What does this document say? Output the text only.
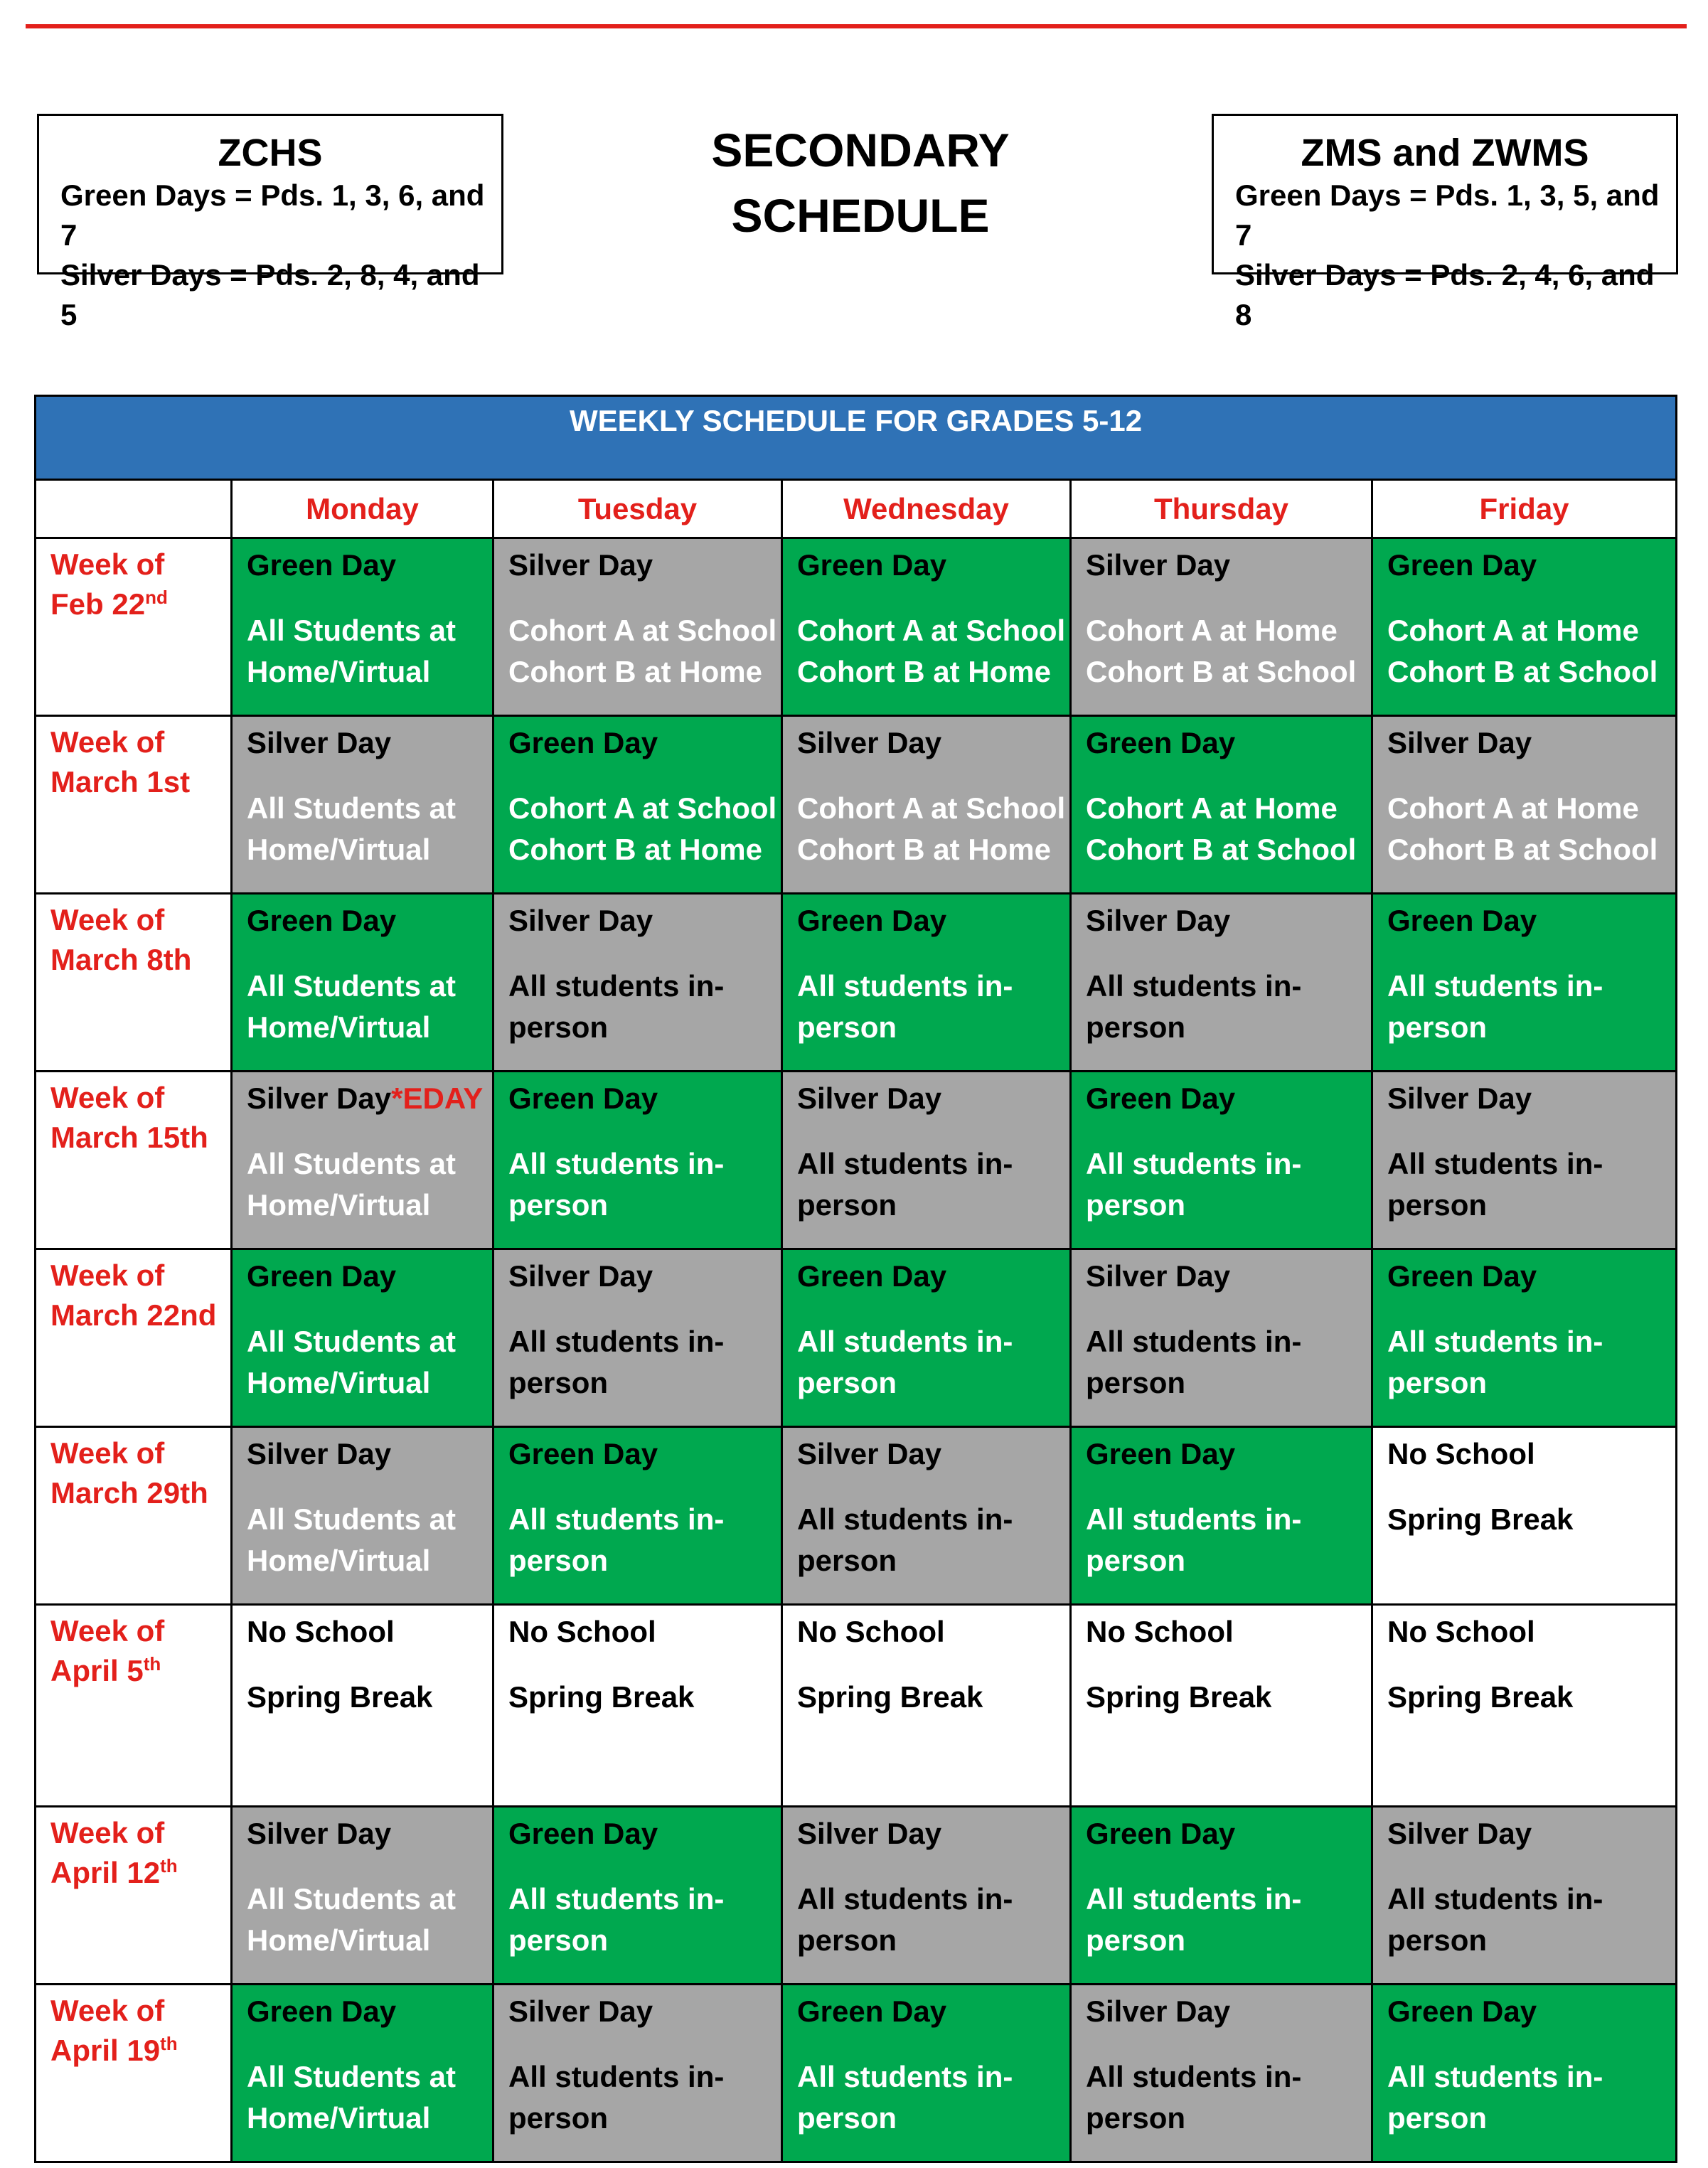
ZCHS
Green Days = Pds. 1, 3, 6, and 7
Silver Days = Pds. 2, 8, 4, and 5
SECONDARY
SCHEDULE
ZMS and ZWMS
Green Days = Pds. 1, 3, 5, and 7
Silver Days = Pds. 2, 4, 6, and 8
WEEKLY SCHEDULE FOR GRADES 5-12					
	Monday	Tuesday	Wednesday	Thursday	Friday
Week of
Feb 22nd	Green Day
All Students at
Home/Virtual	Silver Day
Cohort A at School
Cohort B at Home	Green Day
Cohort A at School
Cohort B at Home	Silver Day
Cohort A at Home
Cohort B at School	Green Day
Cohort A at Home
Cohort B at School

Week of
March 1st	Silver Day
All Students at
Home/Virtual	Green Day
Cohort A at School
Cohort B at Home	Silver Day
Cohort A at School
Cohort B at Home	Green Day
Cohort A at Home
Cohort B at School	Silver Day
Cohort A at Home
Cohort B at School

Week of
March 8th	Green Day
All Students at
Home/Virtual	Silver Day
All students in-
person	Green Day
All students in-
person	Silver Day
All students in-
person	Green Day
All students in-
person

Week of
March 15th	Silver Day*EDAY
All Students at
Home/Virtual	Green Day
All students in-
person	Silver Day
All students in-
person	Green Day
All students in-
person	Silver Day
All students in-
person

Week of
March 22nd	Green Day
All Students at
Home/Virtual	Silver Day
All students in-
person	Green Day
All students in-
person	Silver Day
All students in-
person	Green Day
All students in-
person

Week of
March 29th	Silver Day
All Students at
Home/Virtual	Green Day
All students in-
person	Silver Day
All students in-
person	Green Day
All students in-
person	No School
Spring Break

Week of
April 5th	No School
Spring Break	No School
Spring Break	No School
Spring Break	No School
Spring Break	No School
Spring Break

Week of
April 12th	Silver Day
All Students at
Home/Virtual	Green Day
All students in-
person	Silver Day
All students in-
person	Green Day
All students in-
person	Silver Day
All students in-
person

Week of
April 19th	Green Day
All Students at
Home/Virtual	Silver Day
All students in-
person	Green Day
All students in-
person	Silver Day
All students in-
person	Green Day
All students in-
person
